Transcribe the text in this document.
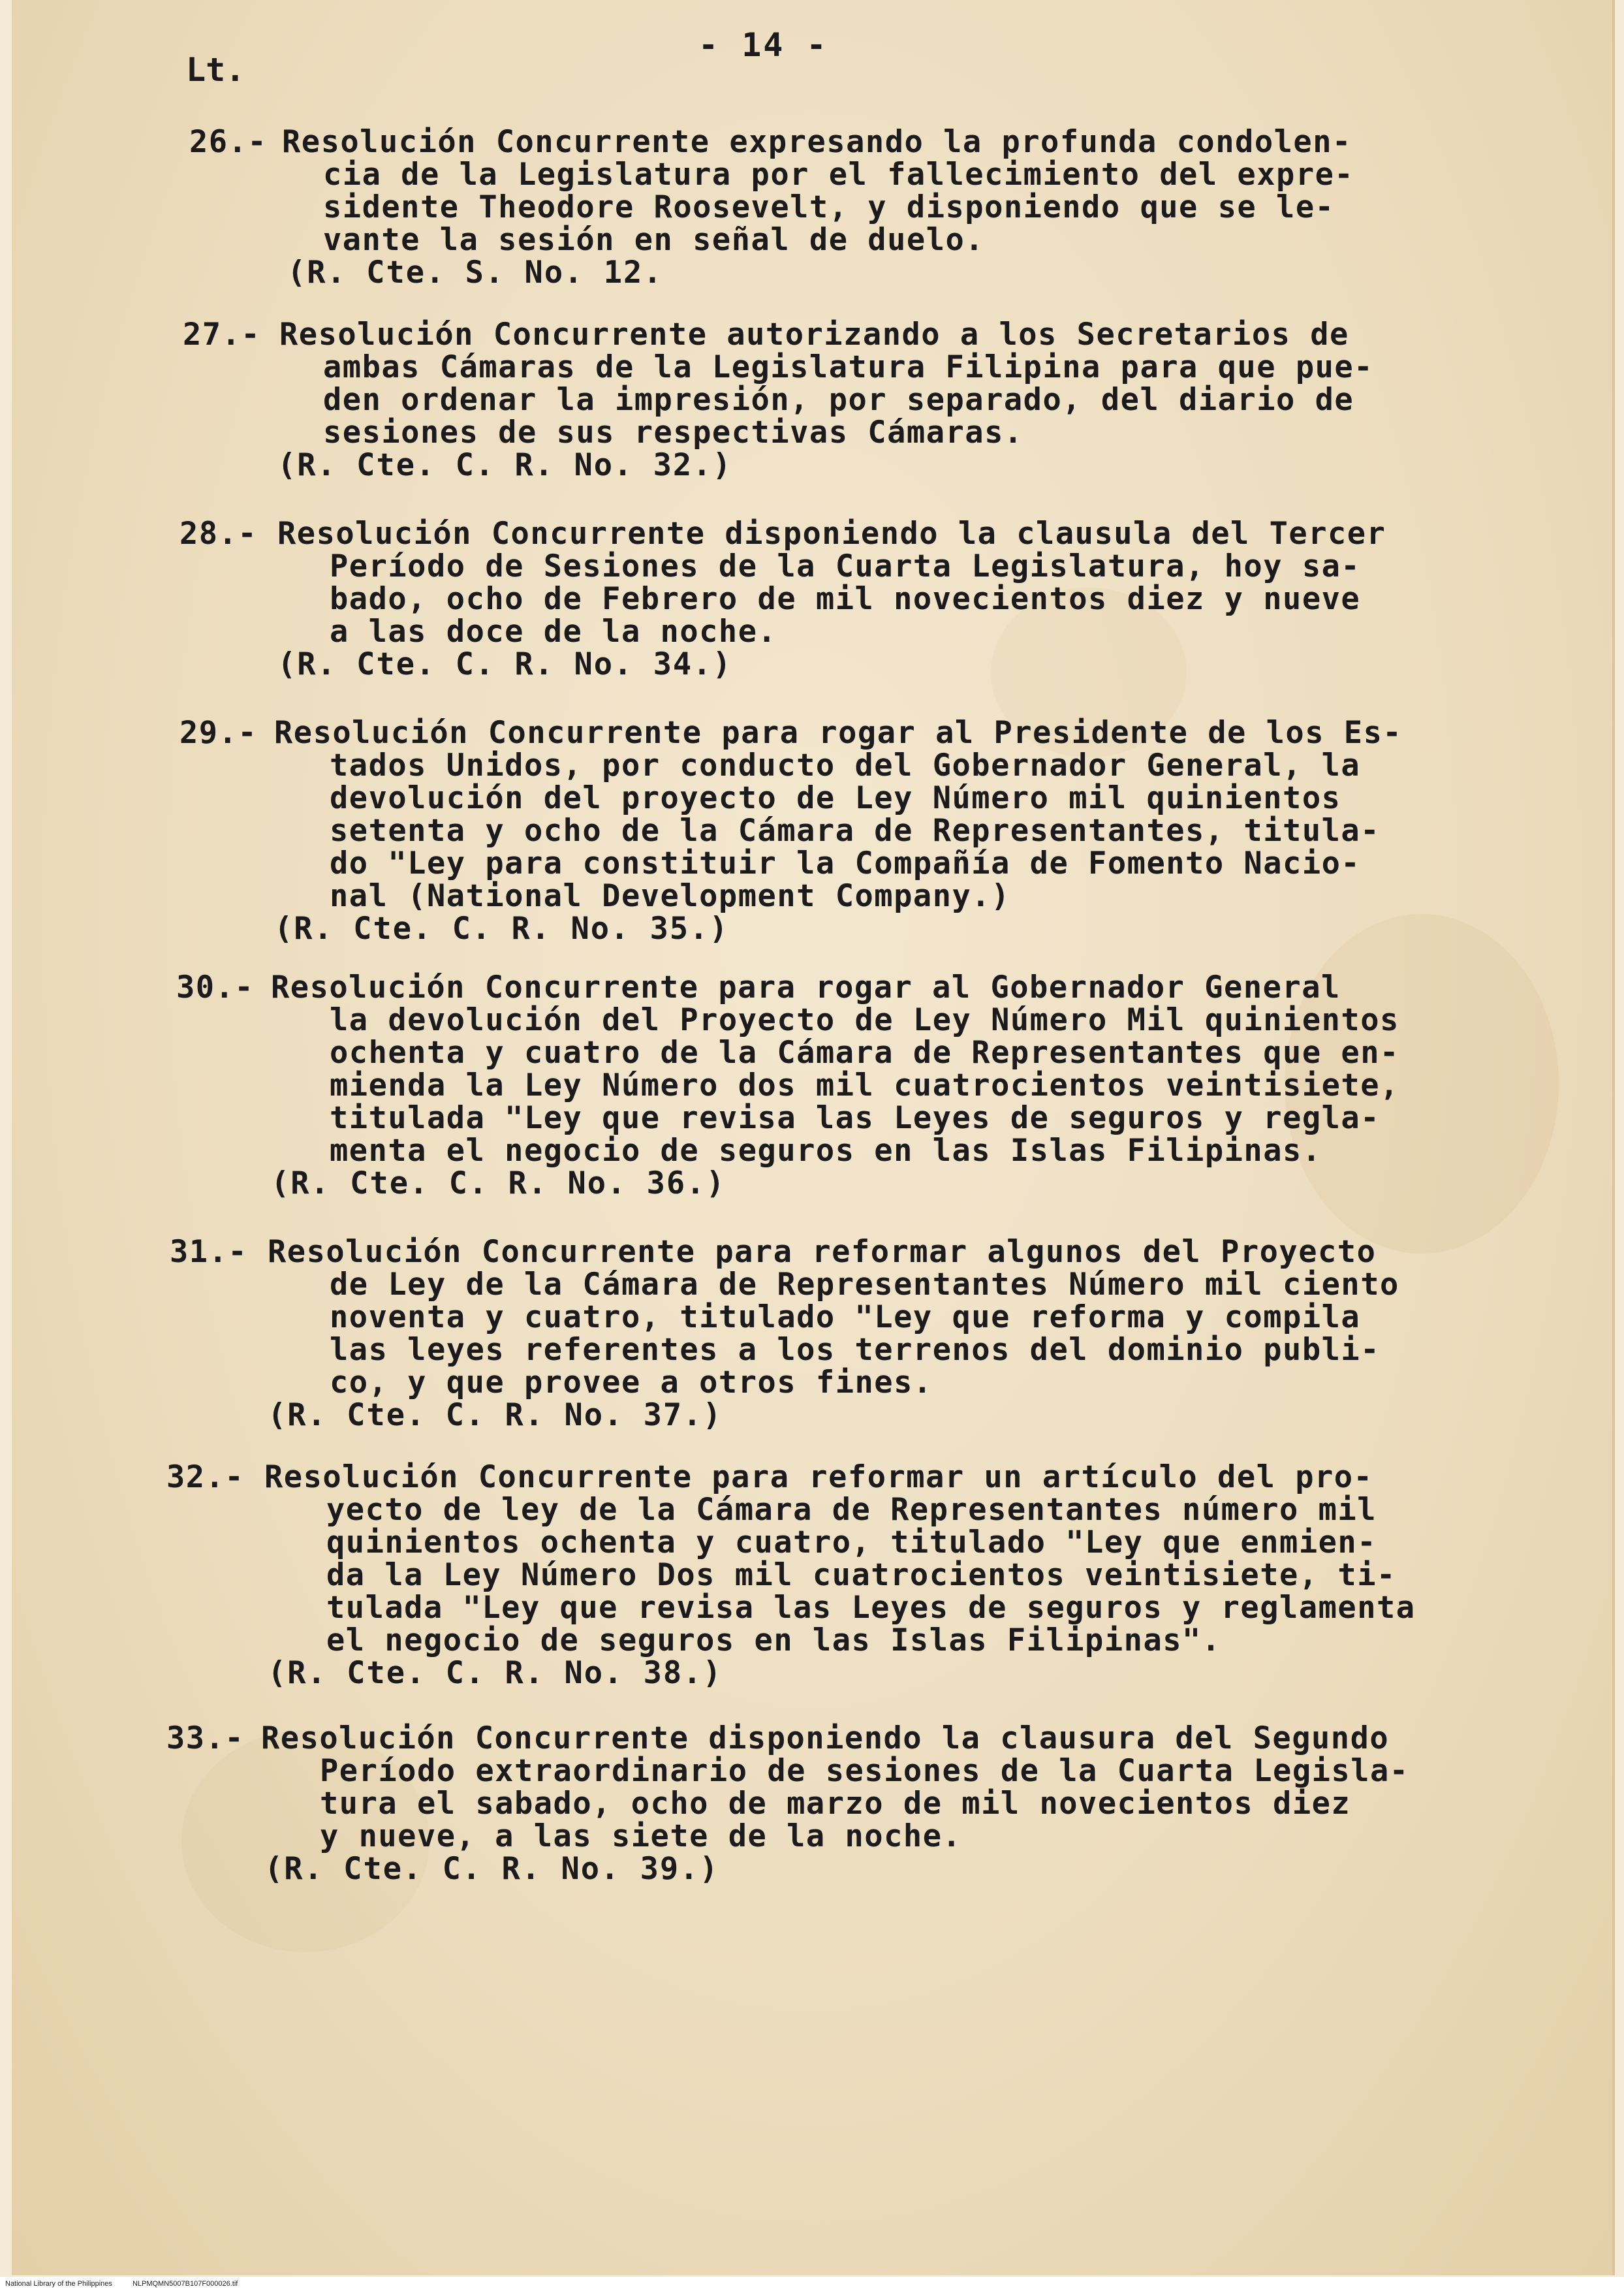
- 14 -
Lt.
26.- Resolución Concurrente expresando la profunda condolen-
cia de la Legislatura por el fallecimiento del expre-
sidente Theodore Roosevelt, y disponiendo que se le-
vante la sesión en señal de duelo.
(R. Cte. S. No. 12.
27.- Resolución Concurrente autorizando a los Secretarios de
ambas Cámaras de la Legislatura Filipina para que pue-
den ordenar la impresión, por separado, del diario de
sesiones de sus respectivas Cámaras.
(R. Cte. C. R. No. 32.)
28.- Resolución Concurrente disponiendo la clausula del Tercer
Período de Sesiones de la Cuarta Legislatura, hoy sa-
bado, ocho de Febrero de mil novecientos diez y nueve
a las doce de la noche.
(R. Cte. C. R. No. 34.)
29.- Resolución Concurrente para rogar al Presidente de los Es-
tados Unidos, por conducto del Gobernador General, la
devolución del proyecto de Ley Número mil quinientos
setenta y ocho de la Cámara de Representantes, titula-
do "Ley para constituir la Compañía de Fomento Nacio-
nal (National Development Company.)
(R. Cte. C. R. No. 35.)
30.- Resolución Concurrente para rogar al Gobernador General
la devolución del Proyecto de Ley Número Mil quinientos
ochenta y cuatro de la Cámara de Representantes que en-
mienda la Ley Número dos mil cuatrocientos veintisiete,
titulada "Ley que revisa las Leyes de seguros y regla-
menta el negocio de seguros en las Islas Filipinas.
(R. Cte. C. R. No. 36.)
31.- Resolución Concurrente para reformar algunos del Proyecto
de Ley de la Cámara de Representantes Número mil ciento
noventa y cuatro, titulado "Ley que reforma y compila
las leyes referentes a los terrenos del dominio publi-
co, y que provee a otros fines.
(R. Cte. C. R. No. 37.)
32.- Resolución Concurrente para reformar un artículo del pro-
yecto de ley de la Cámara de Representantes número mil
quinientos ochenta y cuatro, titulado "Ley que enmien-
da la Ley Número Dos mil cuatrocientos veintisiete, ti-
tulada "Ley que revisa las Leyes de seguros y reglamenta
el negocio de seguros en las Islas Filipinas".
(R. Cte. C. R. No. 38.)
33.- Resolución Concurrente disponiendo la clausura del Segundo
Período extraordinario de sesiones de la Cuarta Legisla-
tura el sabado, ocho de marzo de mil novecientos diez
y nueve, a las siete de la noche.
(R. Cte. C. R. No. 39.)
National Library of the Philippines	NLPMQMN5007B107F000026.tif
